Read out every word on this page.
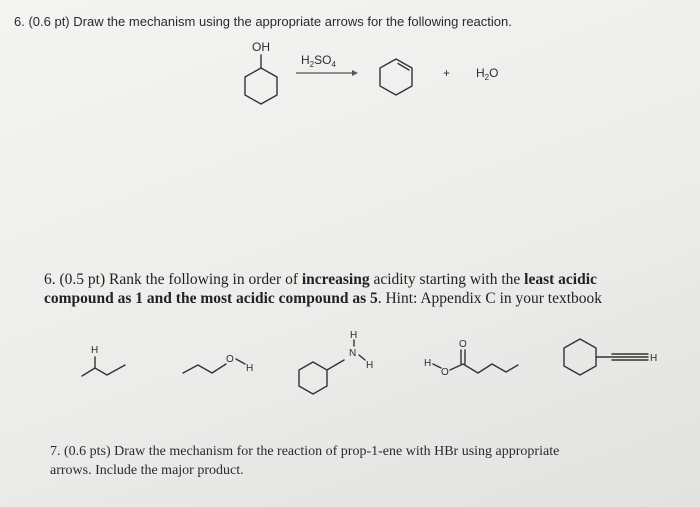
6. (0.6 pt) Draw the mechanism using the appropriate arrows for the following reaction.
OH
$H_2SO_4$
+ $H_2O$
H
O
H
H
N
H
O
H
O
H
6. (0.5 pt) Rank the following in order of increasing acidity starting with the least acidic
compound as 1 and the most acidic compound as 5. Hint: Appendix C in your textbook
7. (0.6 pts) Draw the mechanism for the reaction of prop-1-ene with HBr using appropriate
arrows. Include the major product.
